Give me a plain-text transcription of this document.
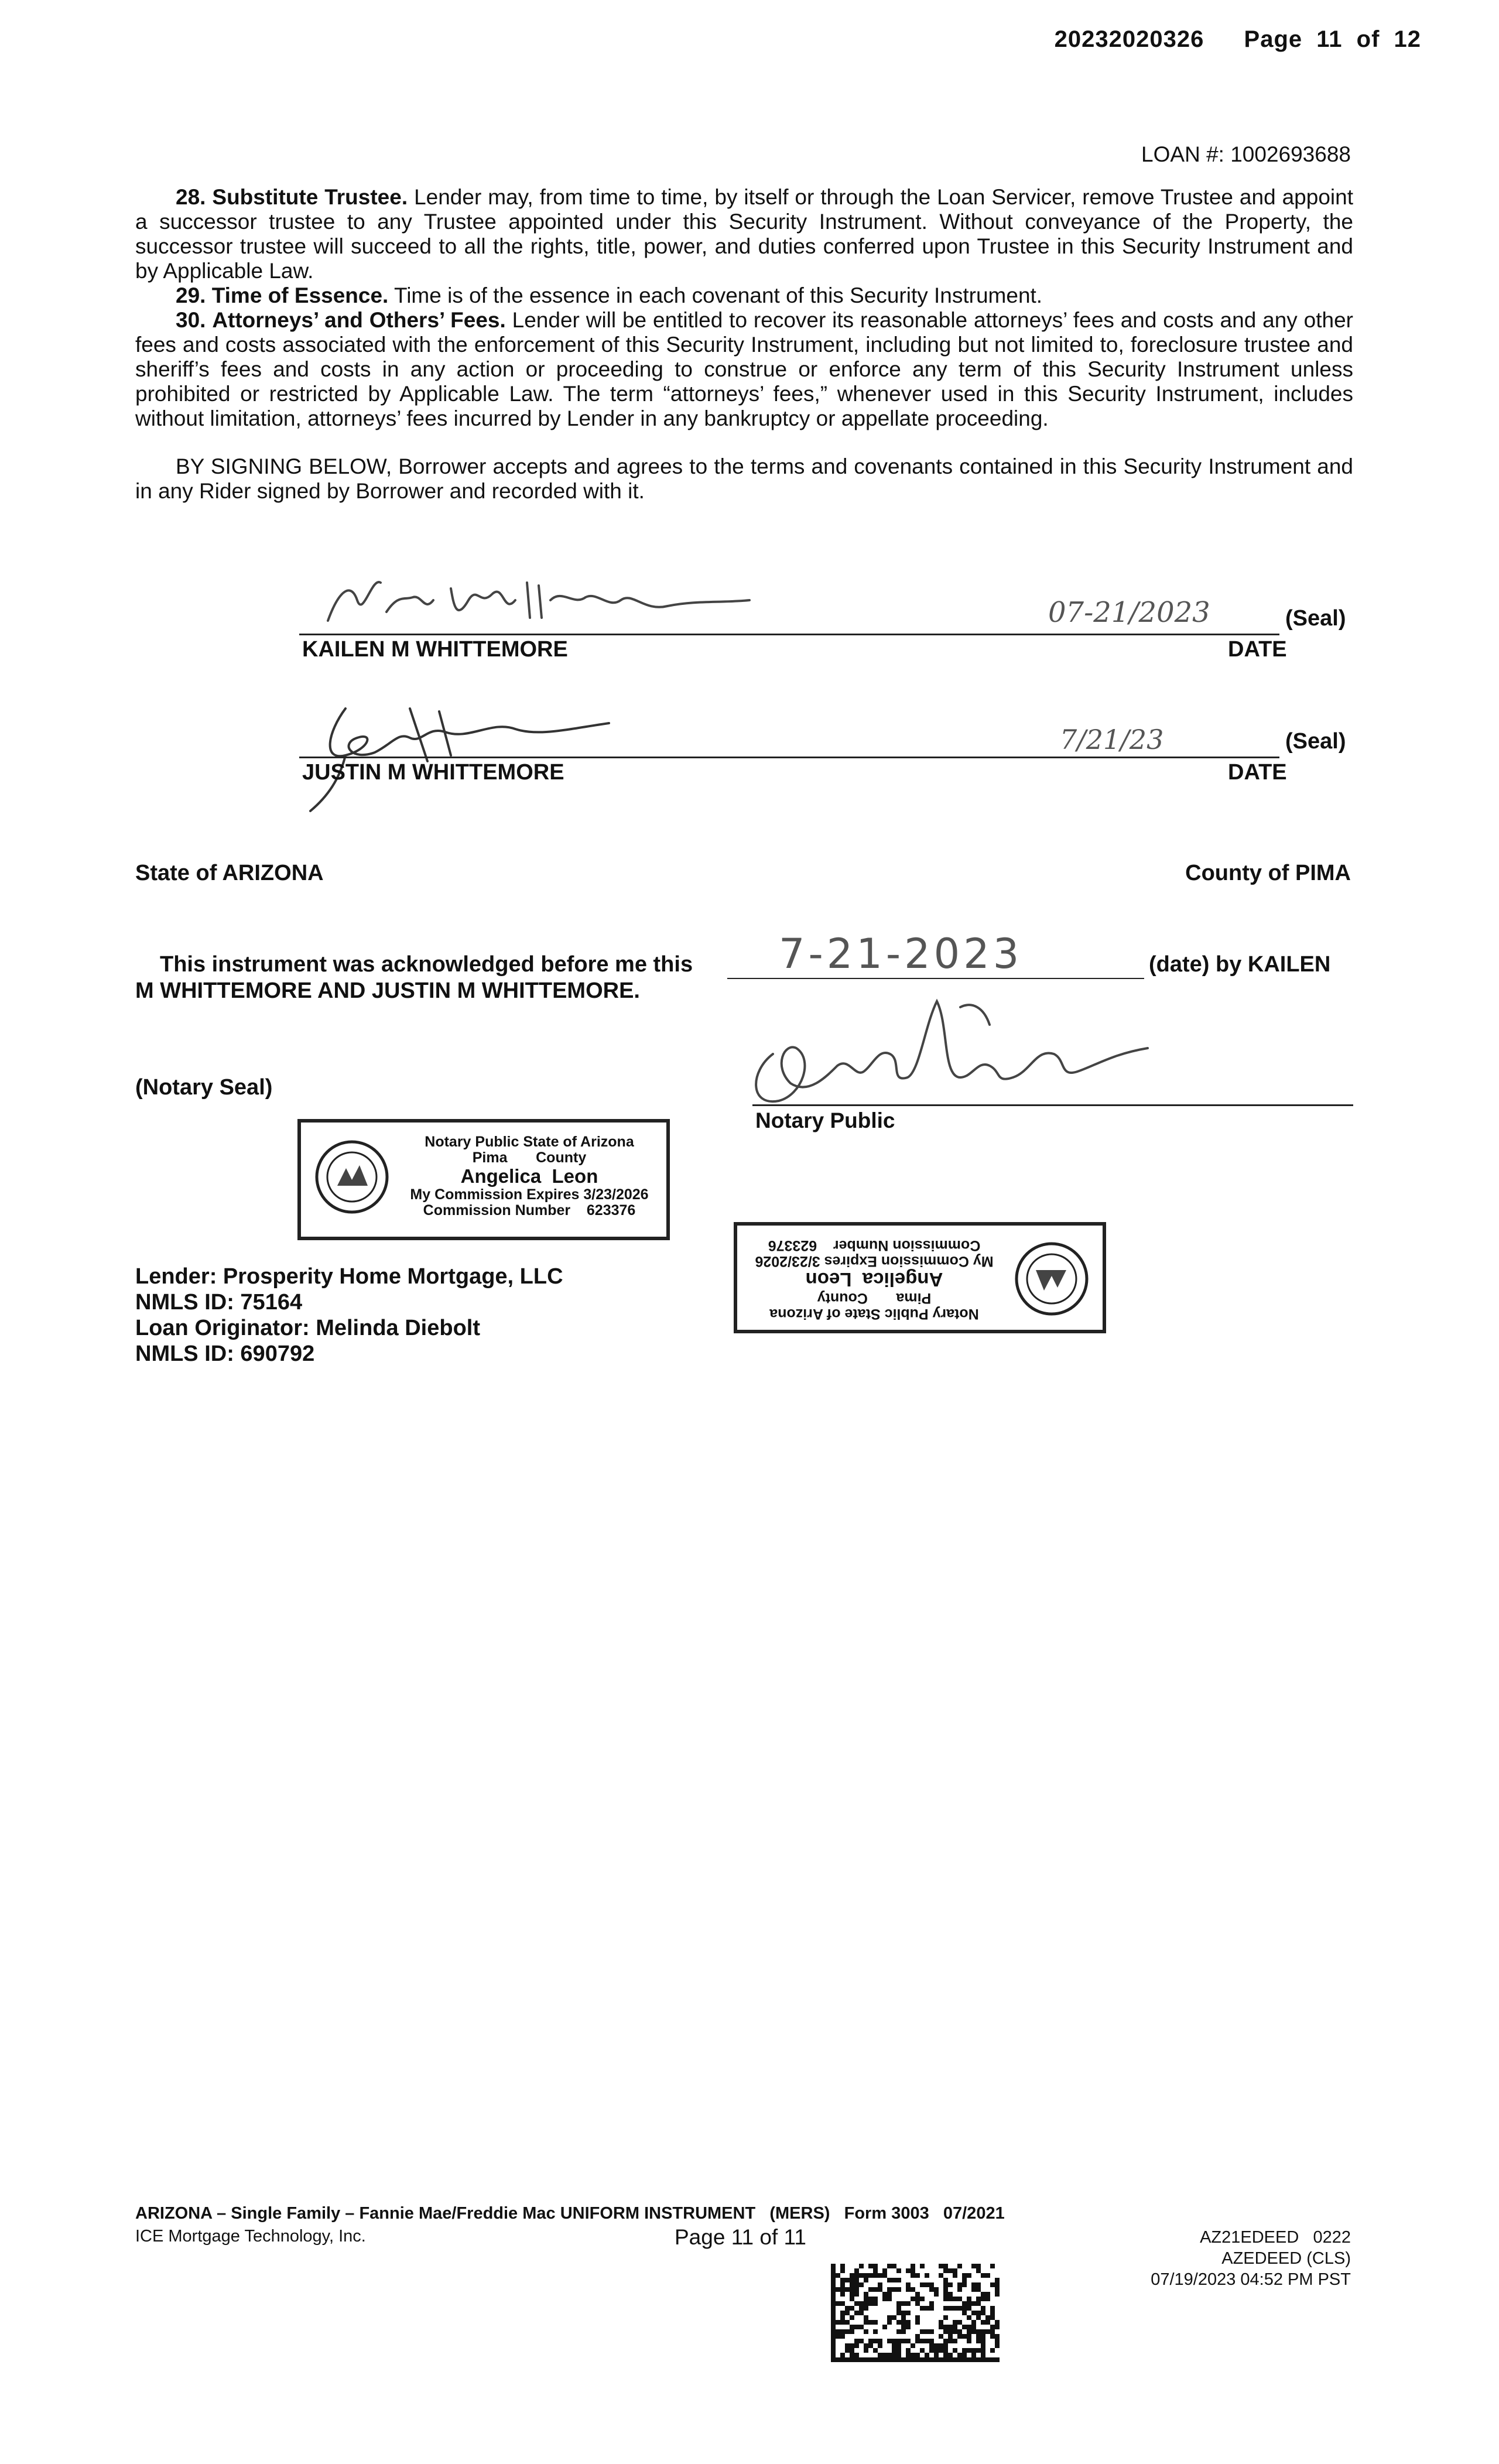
20232020326 Page 11 of 12
LOAN #: 1002693688

28. Substitute Trustee. Lender may, from time to time, by itself or through the Loan Servicer, remove Trustee and appoint a successor trustee to any Trustee appointed under this Security Instrument. Without conveyance of the Property, the successor trustee will succeed to all the rights, title, power, and duties conferred upon Trustee in this Security Instrument and by Applicable Law.

29. Time of Essence. Time is of the essence in each covenant of this Security Instrument.

30. Attorneys’ and Others’ Fees. Lender will be entitled to recover its reasonable attorneys’ fees and costs and any other fees and costs associated with the enforcement of this Security Instrument, including but not limited to, foreclosure trustee and sheriff’s fees and costs in any action or proceeding to construe or enforce any term of this Security Instrument unless prohibited or restricted by Applicable Law. The term “attorneys’ fees,” whenever used in this Security Instrument, includes without limitation, attorneys’ fees incurred by Lender in any bankruptcy or appellate proceeding.

BY SIGNING BELOW, Borrower accepts and agrees to the terms and covenants contained in this Security Instrument and in any Rider signed by Borrower and recorded with it.

07-21/2023	(Seal)
KAILEN M WHITTEMORE	DATE
7/21/23	(Seal)
JUSTIN M WHITTEMORE	DATE
State of ARIZONA	County of PIMA
This instrument was acknowledged before me this 7-21-2023	(date) by KAILEN
M WHITTEMORE AND JUSTIN M WHITTEMORE.
(Notary Seal)
Notary Public
Notary Public State of Arizona
Pima       County
Angelica  Leon
My Commission Expires 3/23/2026
Commission Number    623376
Notary Public State of Arizona
Pima       County
Angelica  Leon
My Commission Expires 3/23/2026
Commission Number    623376
Lender: Prosperity Home Mortgage, LLC
NMLS ID: 75164
Loan Originator: Melinda Diebolt
NMLS ID: 690792
ARIZONA – Single Family – Fannie Mae/Freddie Mac UNIFORM INSTRUMENT   (MERS)   Form 3003   07/2021
ICE Mortgage Technology, Inc.	Page 11 of 11	AZ21EDEED   0222
AZEDEED (CLS)
07/19/2023 04:52 PM PST
